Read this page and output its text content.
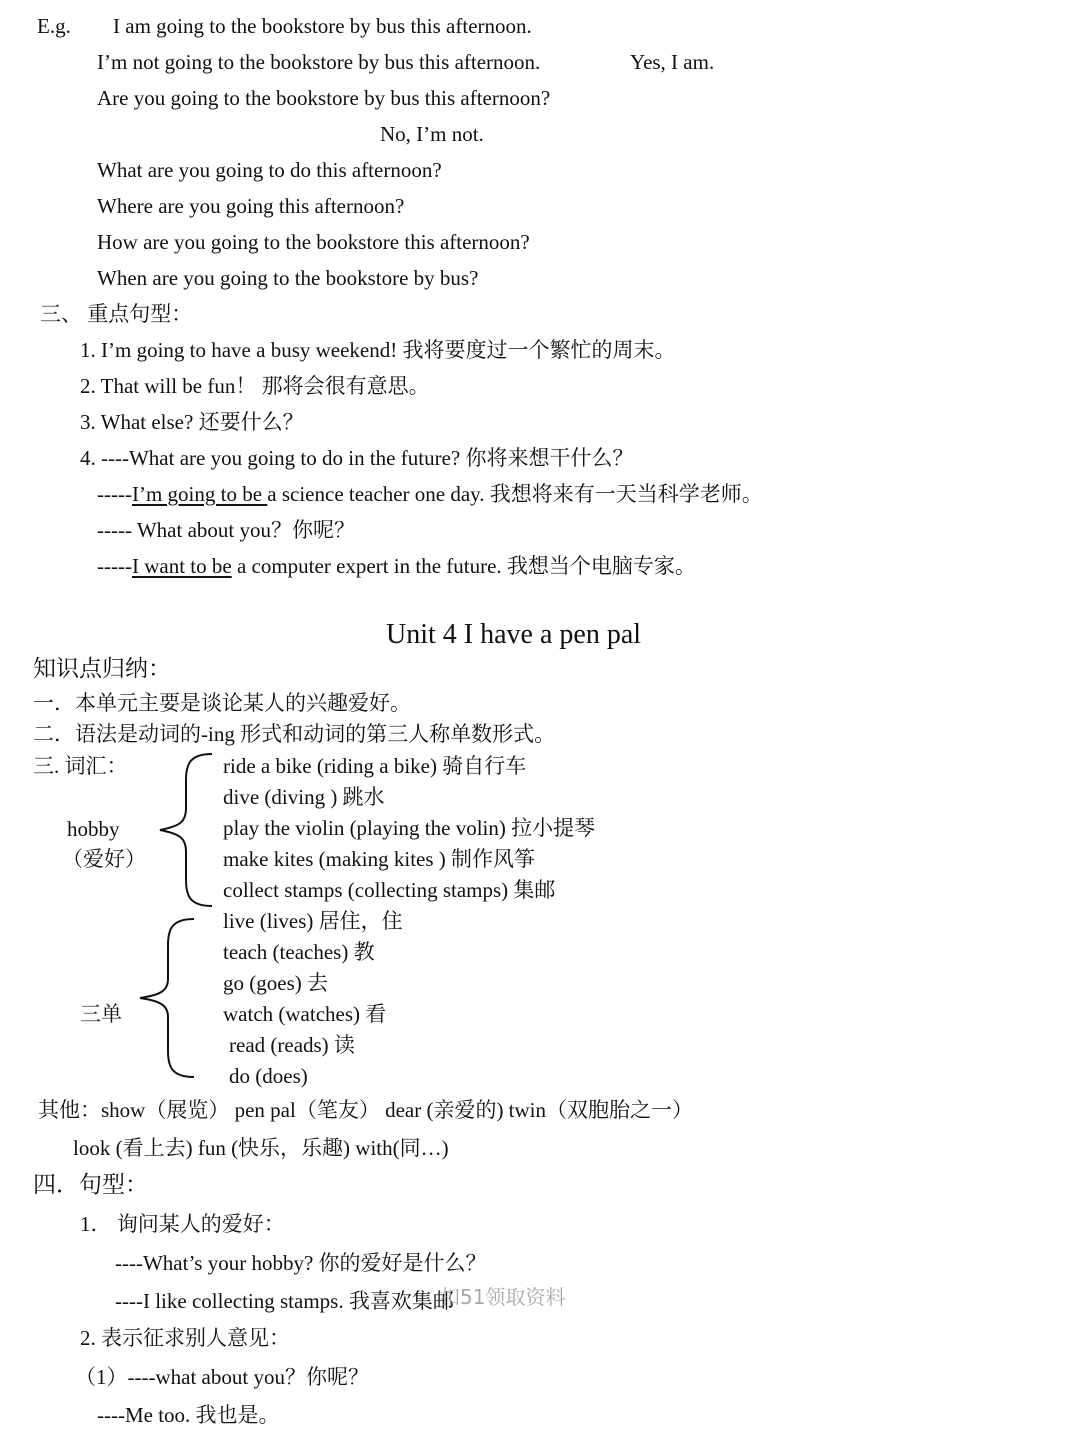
E.g. I am going to the bookstore by bus this afternoon.
I’m not going to the bookstore by bus this afternoon.	Yes, I am.
Are you going to the bookstore by bus this afternoon?
No, I’m not.
What are you going to do this afternoon?
Where are you going this afternoon?
How are you going to the bookstore this afternoon?
When are you going to the bookstore by bus?
三、 重点句型：
1. I’m going to have a busy weekend! 我将要度过一个繁忙的周末。
2. That will be fun！ 那将会很有意思。
3. What else? 还要什么？
4. ----What are you going to do in the future? 你将来想干什么？
-----I’m going to be a science teacher one day. 我想将来有一天当科学老师。
----- What about you？你呢？
-----I want to be a computer expert in the future. 我想当个电脑专家。
Unit 4 I have a pen pal
知识点归纳：
一．本单元主要是谈论某人的兴趣爱好。
二．语法是动词的-ing 形式和动词的第三人称单数形式。
三. 词汇：
hobby
（爱好）
ride a bike (riding a bike) 骑自行车
dive (diving ) 跳水
play the violin (playing the volin) 拉小提琴
make kites (making kites ) 制作风筝
collect stamps (collecting stamps) 集邮
三单
live (lives) 居住，住
teach (teaches) 教
go (goes) 去
watch (watches) 看
read (reads) 读
do (does)
其他：show（展览） pen pal（笔友） dear (亲爱的) twin（双胞胎之一）
look (看上去) fun (快乐，乐趣) with(同…)
四．句型：
1． 询问某人的爱好：
----What’s your hobby? 你的爱好是什么？
----I like collecting stamps. 我喜欢集邮
2. 表示征求别人意见：
（1）----what about you？你呢？
----Me too. 我也是。
扣51领取资料
